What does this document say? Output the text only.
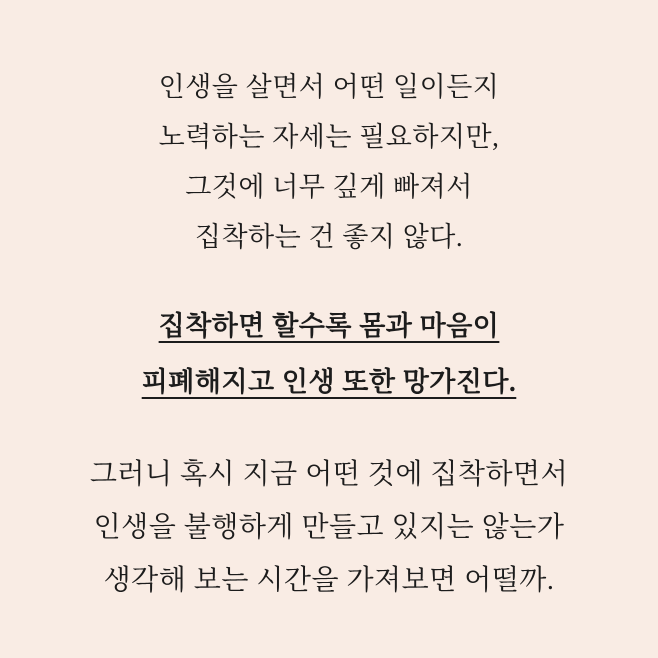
인생을 살면서 어떤 일이든지
노력하는 자세는 필요하지만,
그것에 너무 깊게 빠져서
집착하는 건 좋지 않다.
집착하면 할수록 몸과 마음이
피폐해지고 인생 또한 망가진다.
그러니 혹시 지금 어떤 것에 집착하면서
인생을 불행하게 만들고 있지는 않는가
생각해 보는 시간을 가져보면 어떨까.
